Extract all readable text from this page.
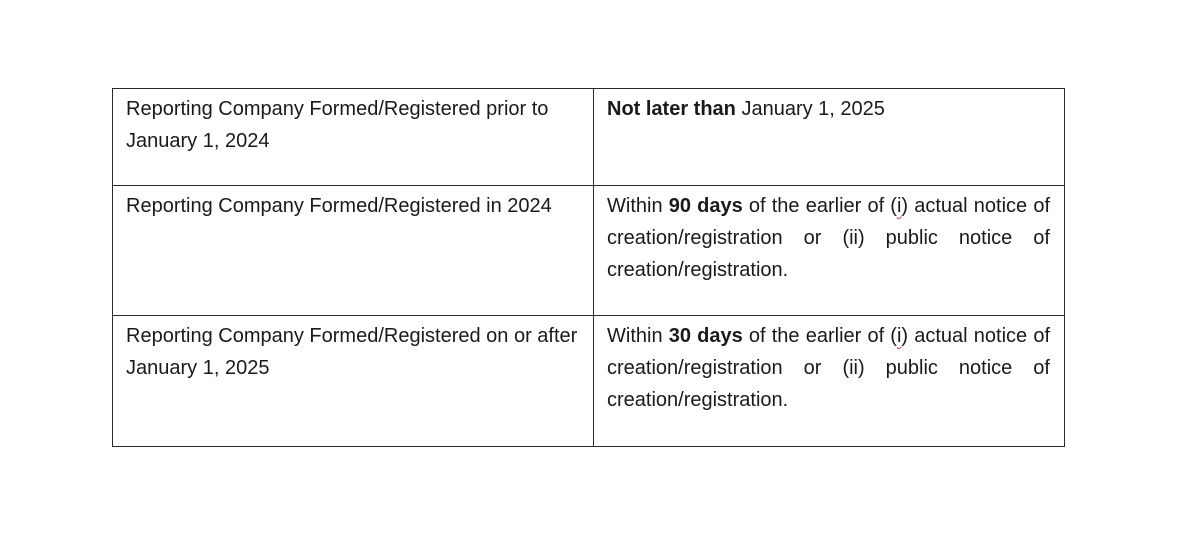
Reporting Company Formed/Registered prior to January 1, 2024	Not later than January 1, 2025
Reporting Company Formed/Registered in 2024	Within 90 days of the earlier of (i) actual notice of creation/registration or (ii) public notice of creation/registration.
Reporting Company Formed/Registered on or after January 1, 2025	Within 30 days of the earlier of (i) actual notice of creation/registration or (ii) public notice of creation/registration.
